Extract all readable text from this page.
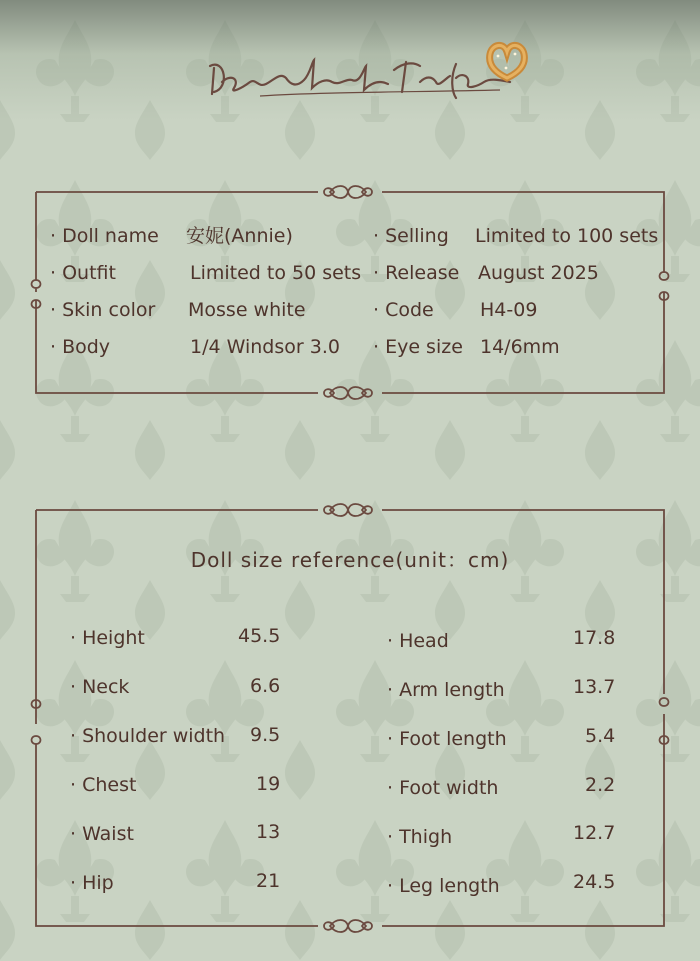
· Doll name 安妮(Annie)
· Outfit	Limited to 50 sets
· Skin color Mosse white
· Body	1/4 Windsor 3.0
· Selling Limited to 100 sets
· Release August 2025
· Code H4-09
· Eye size 14/6mm
Doll size reference(unit：cm)
· Height	45.5
· Neck	6.6
· Shoulder width 9.5
· Chest	19
· Waist	13
· Hip	21
· Head	17.8
· Arm length	13.7
· Foot length	5.4
· Foot width	2.2
· Thigh	12.7
· Leg length	24.5
